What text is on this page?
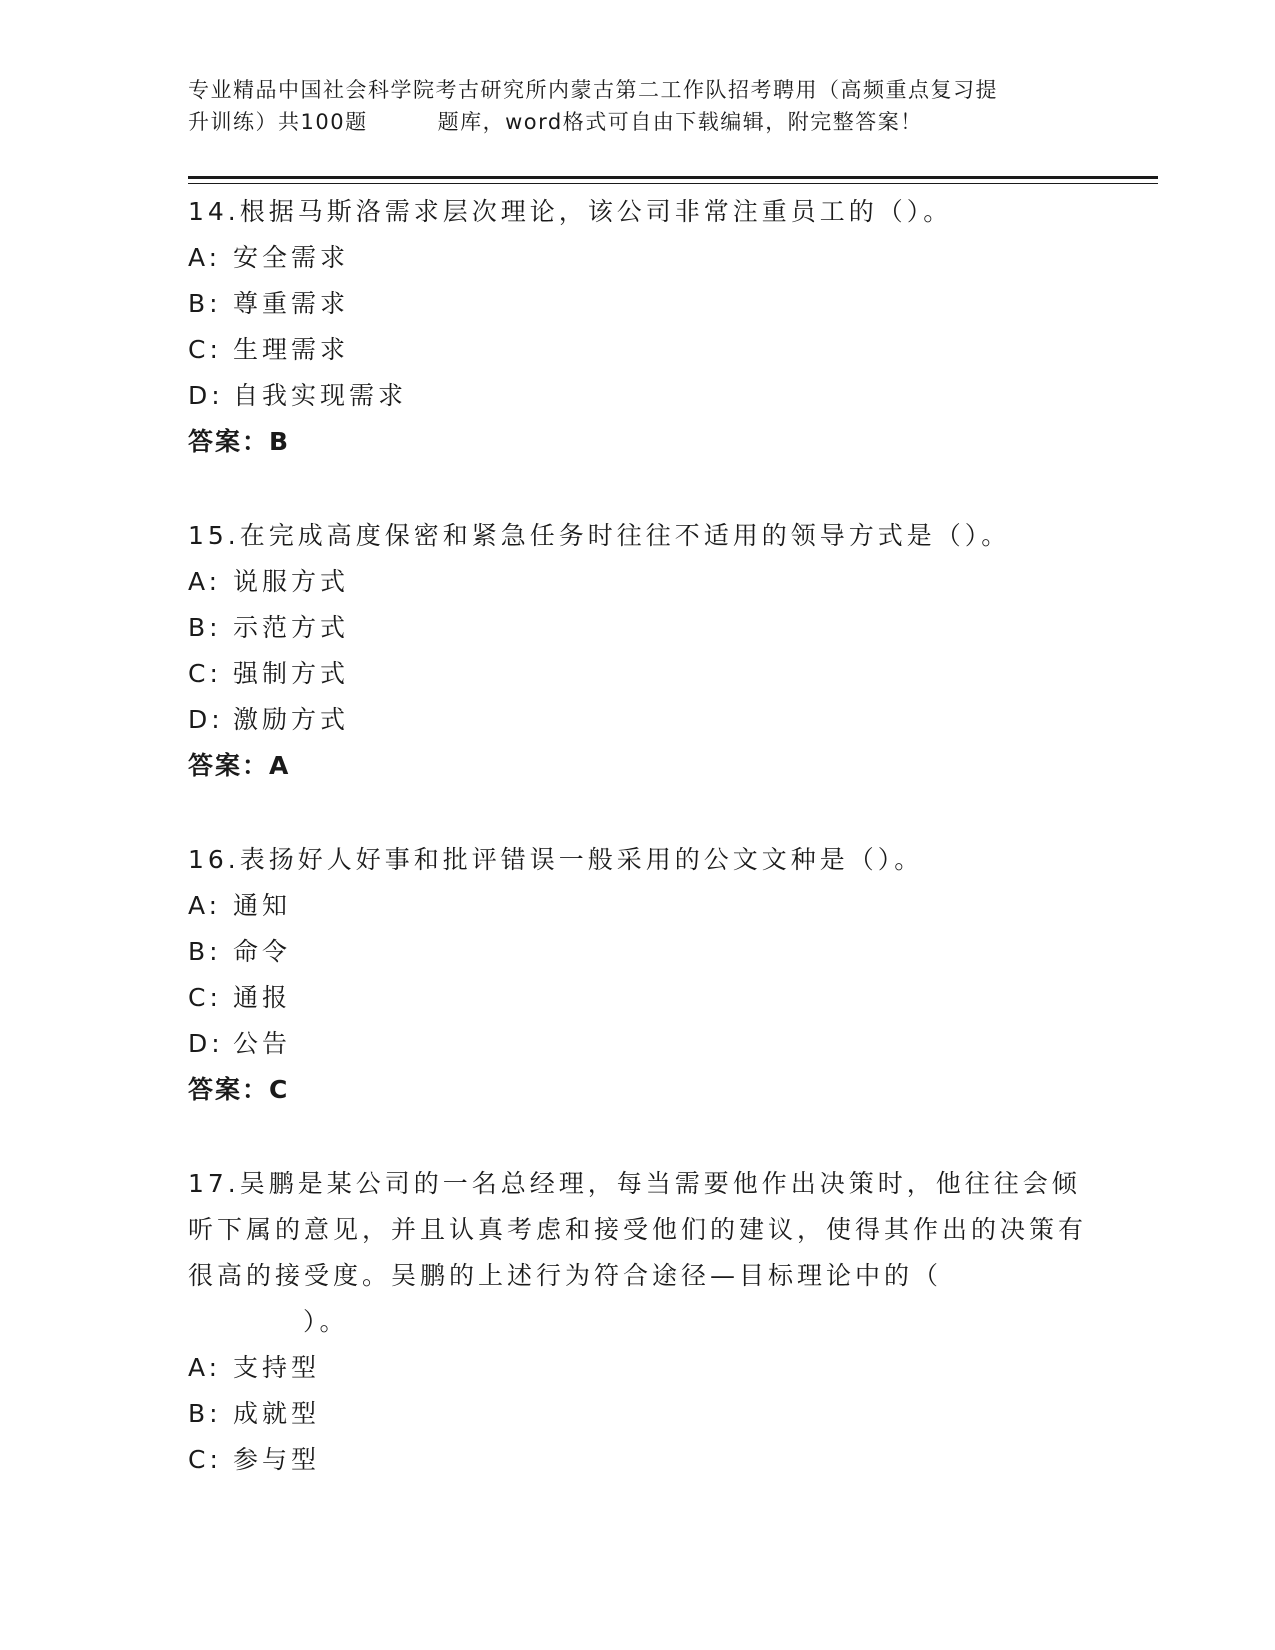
专业精品中国社会科学院考古研究所内蒙古第二工作队招考聘用（高频重点复习提
升训练）共100题	题库，word格式可自由下载编辑，附完整答案！
14.根据马斯洛需求层次理论，该公司非常注重员工的（）。
A: 安全需求
B: 尊重需求
C: 生理需求
D: 自我实现需求
答案：B
15.在完成高度保密和紧急任务时往往不适用的领导方式是（）。
A: 说服方式
B: 示范方式
C: 强制方式
D: 激励方式
答案：A
16.表扬好人好事和批评错误一般采用的公文文种是（）。
A: 通知
B: 命令
C: 通报
D: 公告
答案：C
17.吴鹏是某公司的一名总经理，每当需要他作出决策时，他往往会倾听下属的意见，并且认真考虑和接受他们的建议，使得其作出的决策有很高的接受度。吴鹏的上述行为符合途径—目标理论中的（
）。
A: 支持型
B: 成就型
C: 参与型
